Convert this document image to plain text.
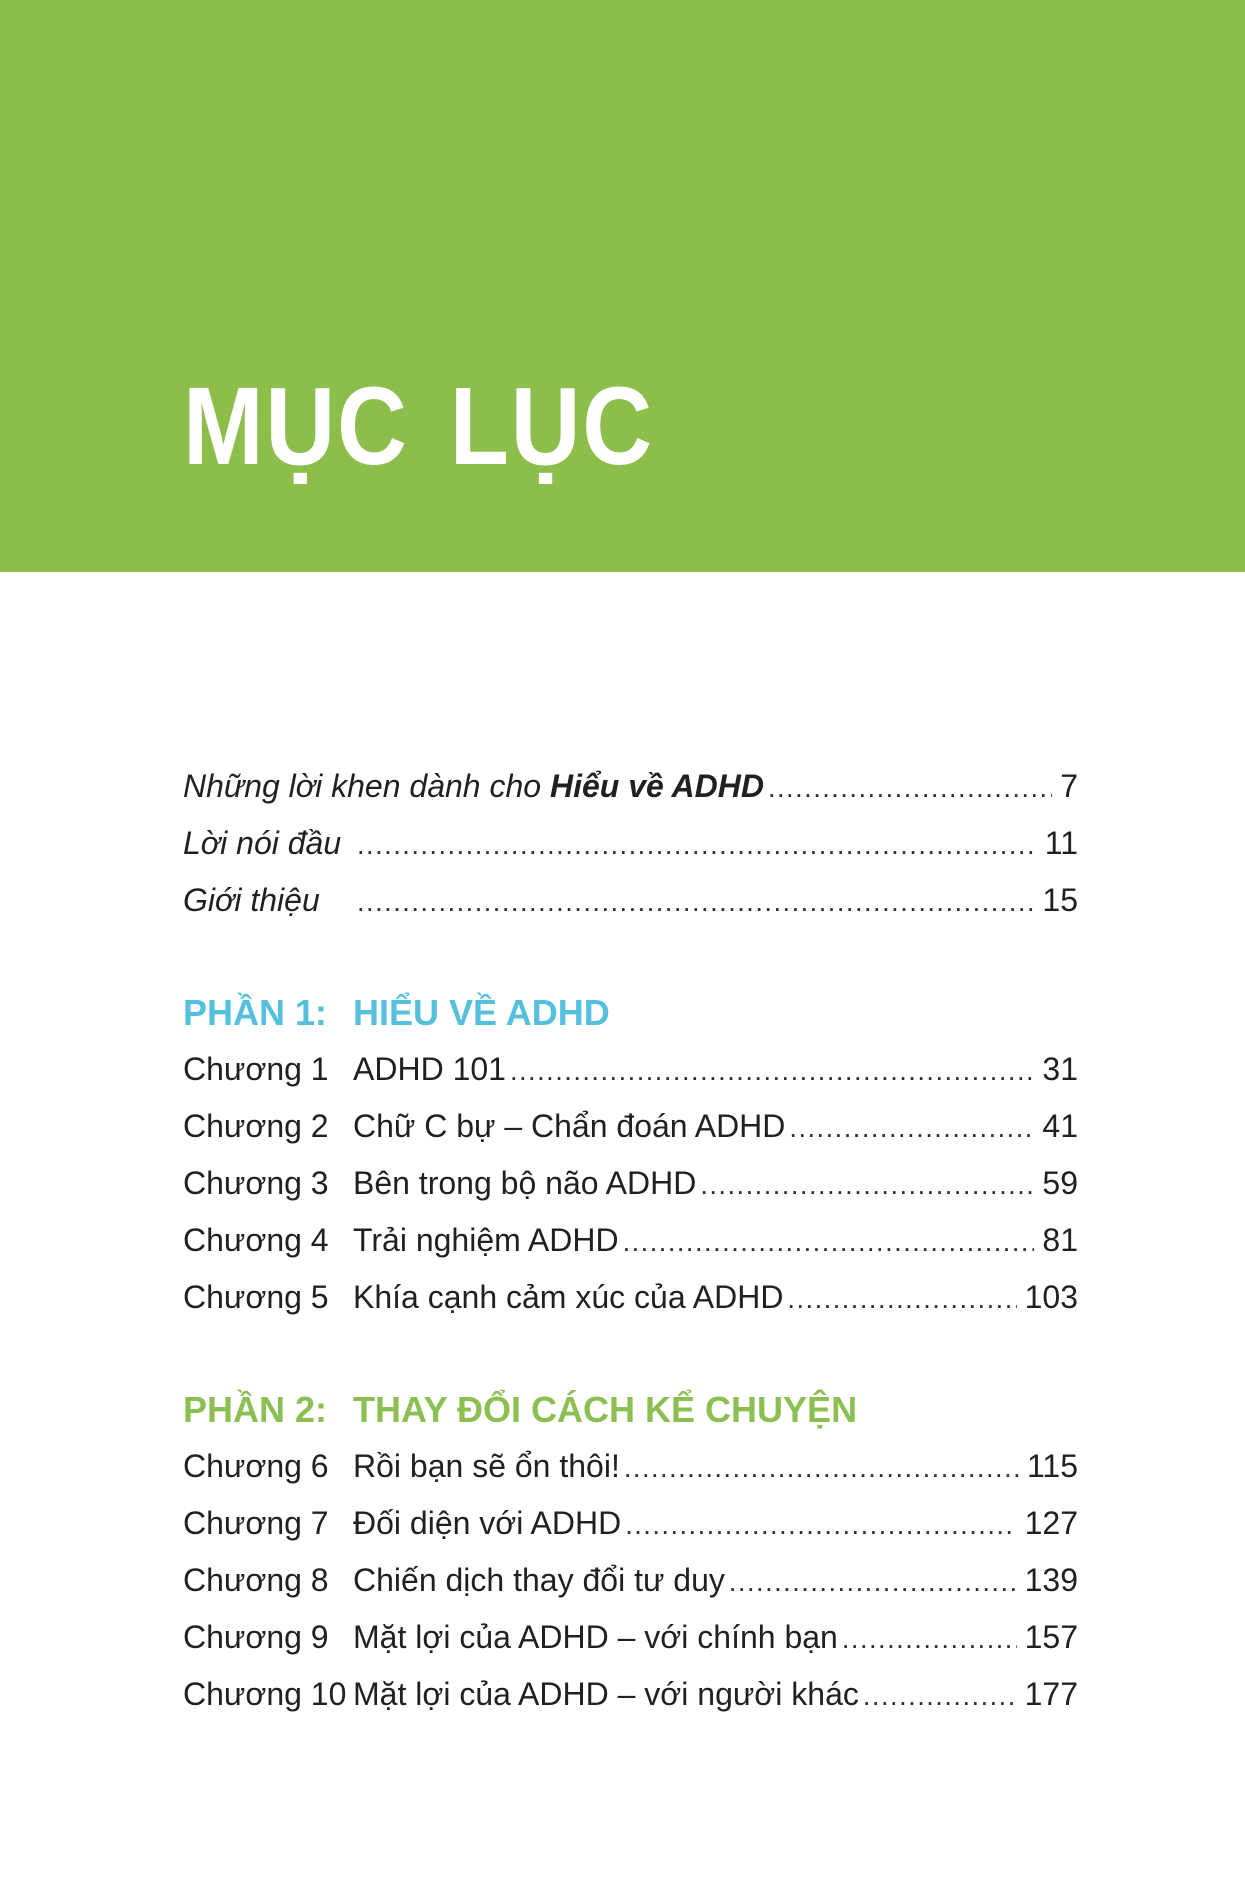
MỤC LỤC
Những lời khen dành cho Hiểu về ADHD .....	7
Lời nói đầu .....	11
Giới thiệu .....	15
PHẦN 1: HIỂU VỀ ADHD
Chương 1 ADHD 101 .....	31
Chương 2 Chữ C bự – Chẩn đoán ADHD .....	41
Chương 3 Bên trong bộ não ADHD .....	59
Chương 4 Trải nghiệm ADHD .....	81
Chương 5 Khía cạnh cảm xúc của ADHD .....	103
PHẦN 2: THAY ĐỔI CÁCH KỂ CHUYỆN
Chương 6 Rồi bạn sẽ ổn thôi! .....	115
Chương 7 Đối diện với ADHD .....	127
Chương 8 Chiến dịch thay đổi tư duy .....	139
Chương 9 Mặt lợi của ADHD – với chính bạn .....	157
Chương 10 Mặt lợi của ADHD – với người khác .....	177
